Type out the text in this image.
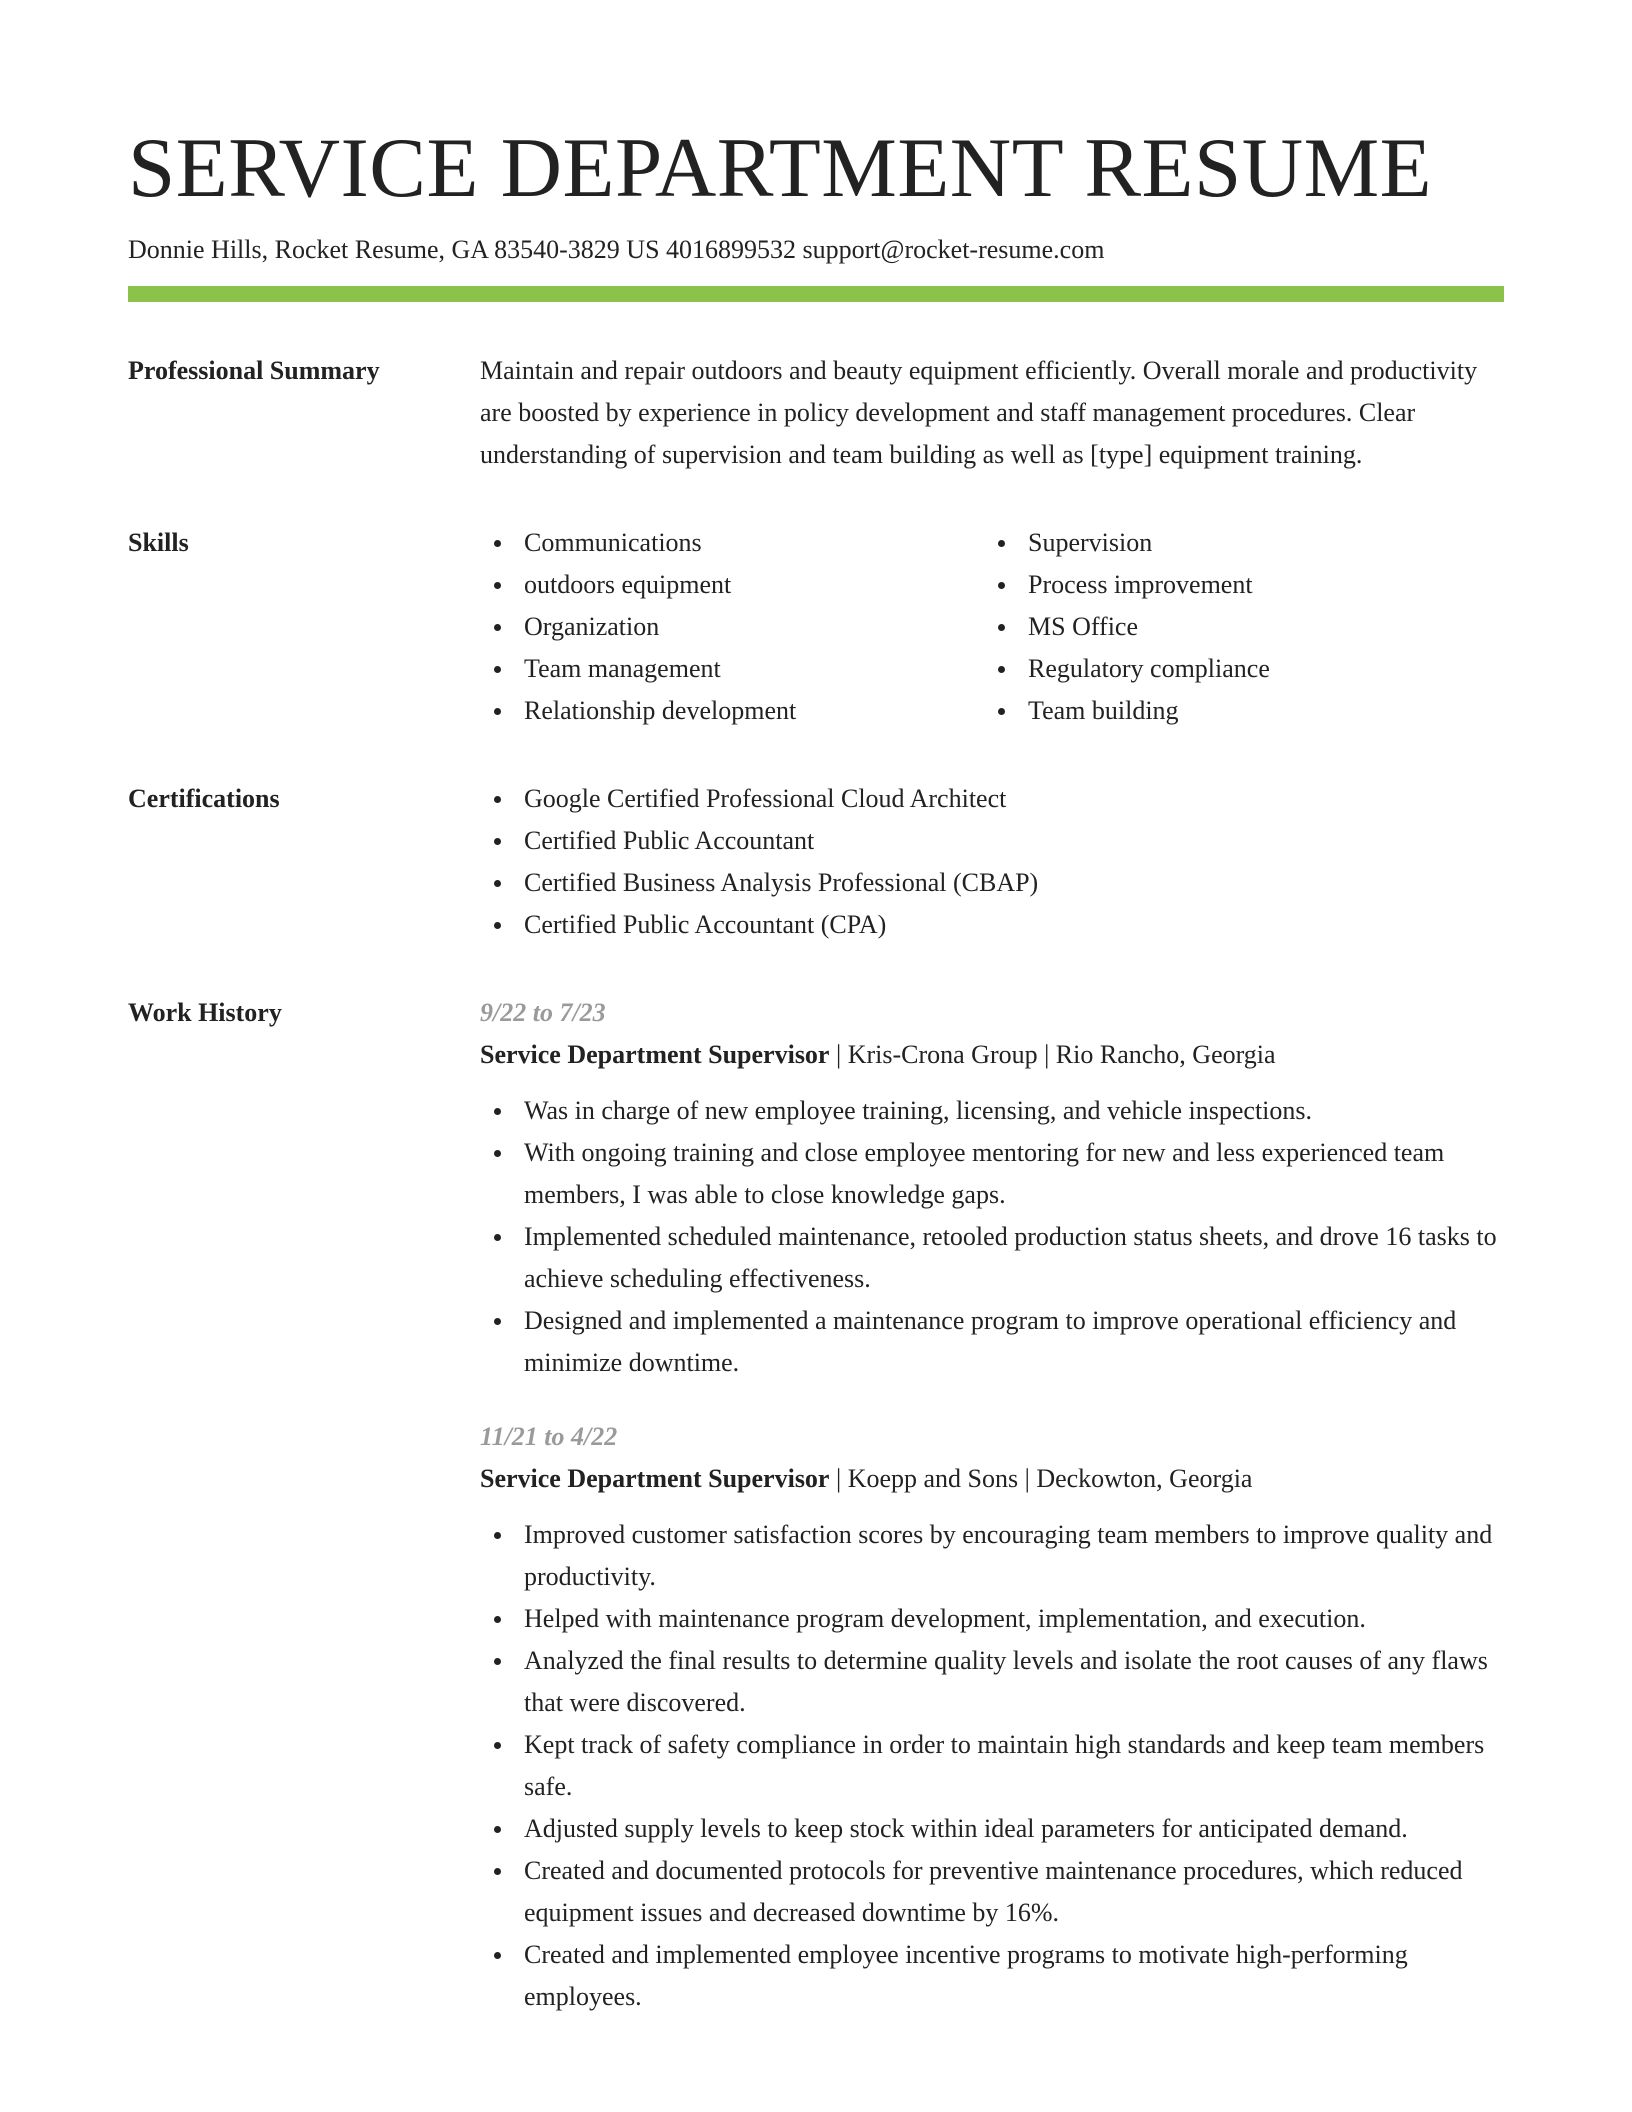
SERVICE DEPARTMENT RESUME
Donnie Hills, Rocket Resume, GA 83540-3829 US 4016899532 support@rocket-resume.com
Professional Summary	Maintain and repair outdoors and beauty equipment efficiently. Overall morale and productivity are boosted by experience in policy development and staff management procedures. Clear understanding of supervision and team building as well as [type] equipment training.

Skills	Communications
outdoors equipment
Organization
Team management
Relationship development
Supervision
Process improvement
MS Office
Regulatory compliance
Team building
Certifications	Google Certified Professional Cloud Architect
Certified Public Accountant
Certified Business Analysis Professional (CBAP)
Certified Public Accountant (CPA)
Work History	9/22 to 7/23
Service Department Supervisor | Kris-Crona Group | Rio Rancho, Georgia
Was in charge of new employee training, licensing, and vehicle inspections.
With ongoing training and close employee mentoring for new and less experienced team members, I was able to close knowledge gaps.
Implemented scheduled maintenance, retooled production status sheets, and drove 16 tasks to achieve scheduling effectiveness.
Designed and implemented a maintenance program to improve operational efficiency and minimize downtime.
11/21 to 4/22
Service Department Supervisor | Koepp and Sons | Deckowton, Georgia
Improved customer satisfaction scores by encouraging team members to improve quality and productivity.
Helped with maintenance program development, implementation, and execution.
Analyzed the final results to determine quality levels and isolate the root causes of any flaws that were discovered.
Kept track of safety compliance in order to maintain high standards and keep team members safe.
Adjusted supply levels to keep stock within ideal parameters for anticipated demand.
Created and documented protocols for preventive maintenance procedures, which reduced equipment issues and decreased downtime by 16%.
Created and implemented employee incentive programs to motivate high-performing employees.
